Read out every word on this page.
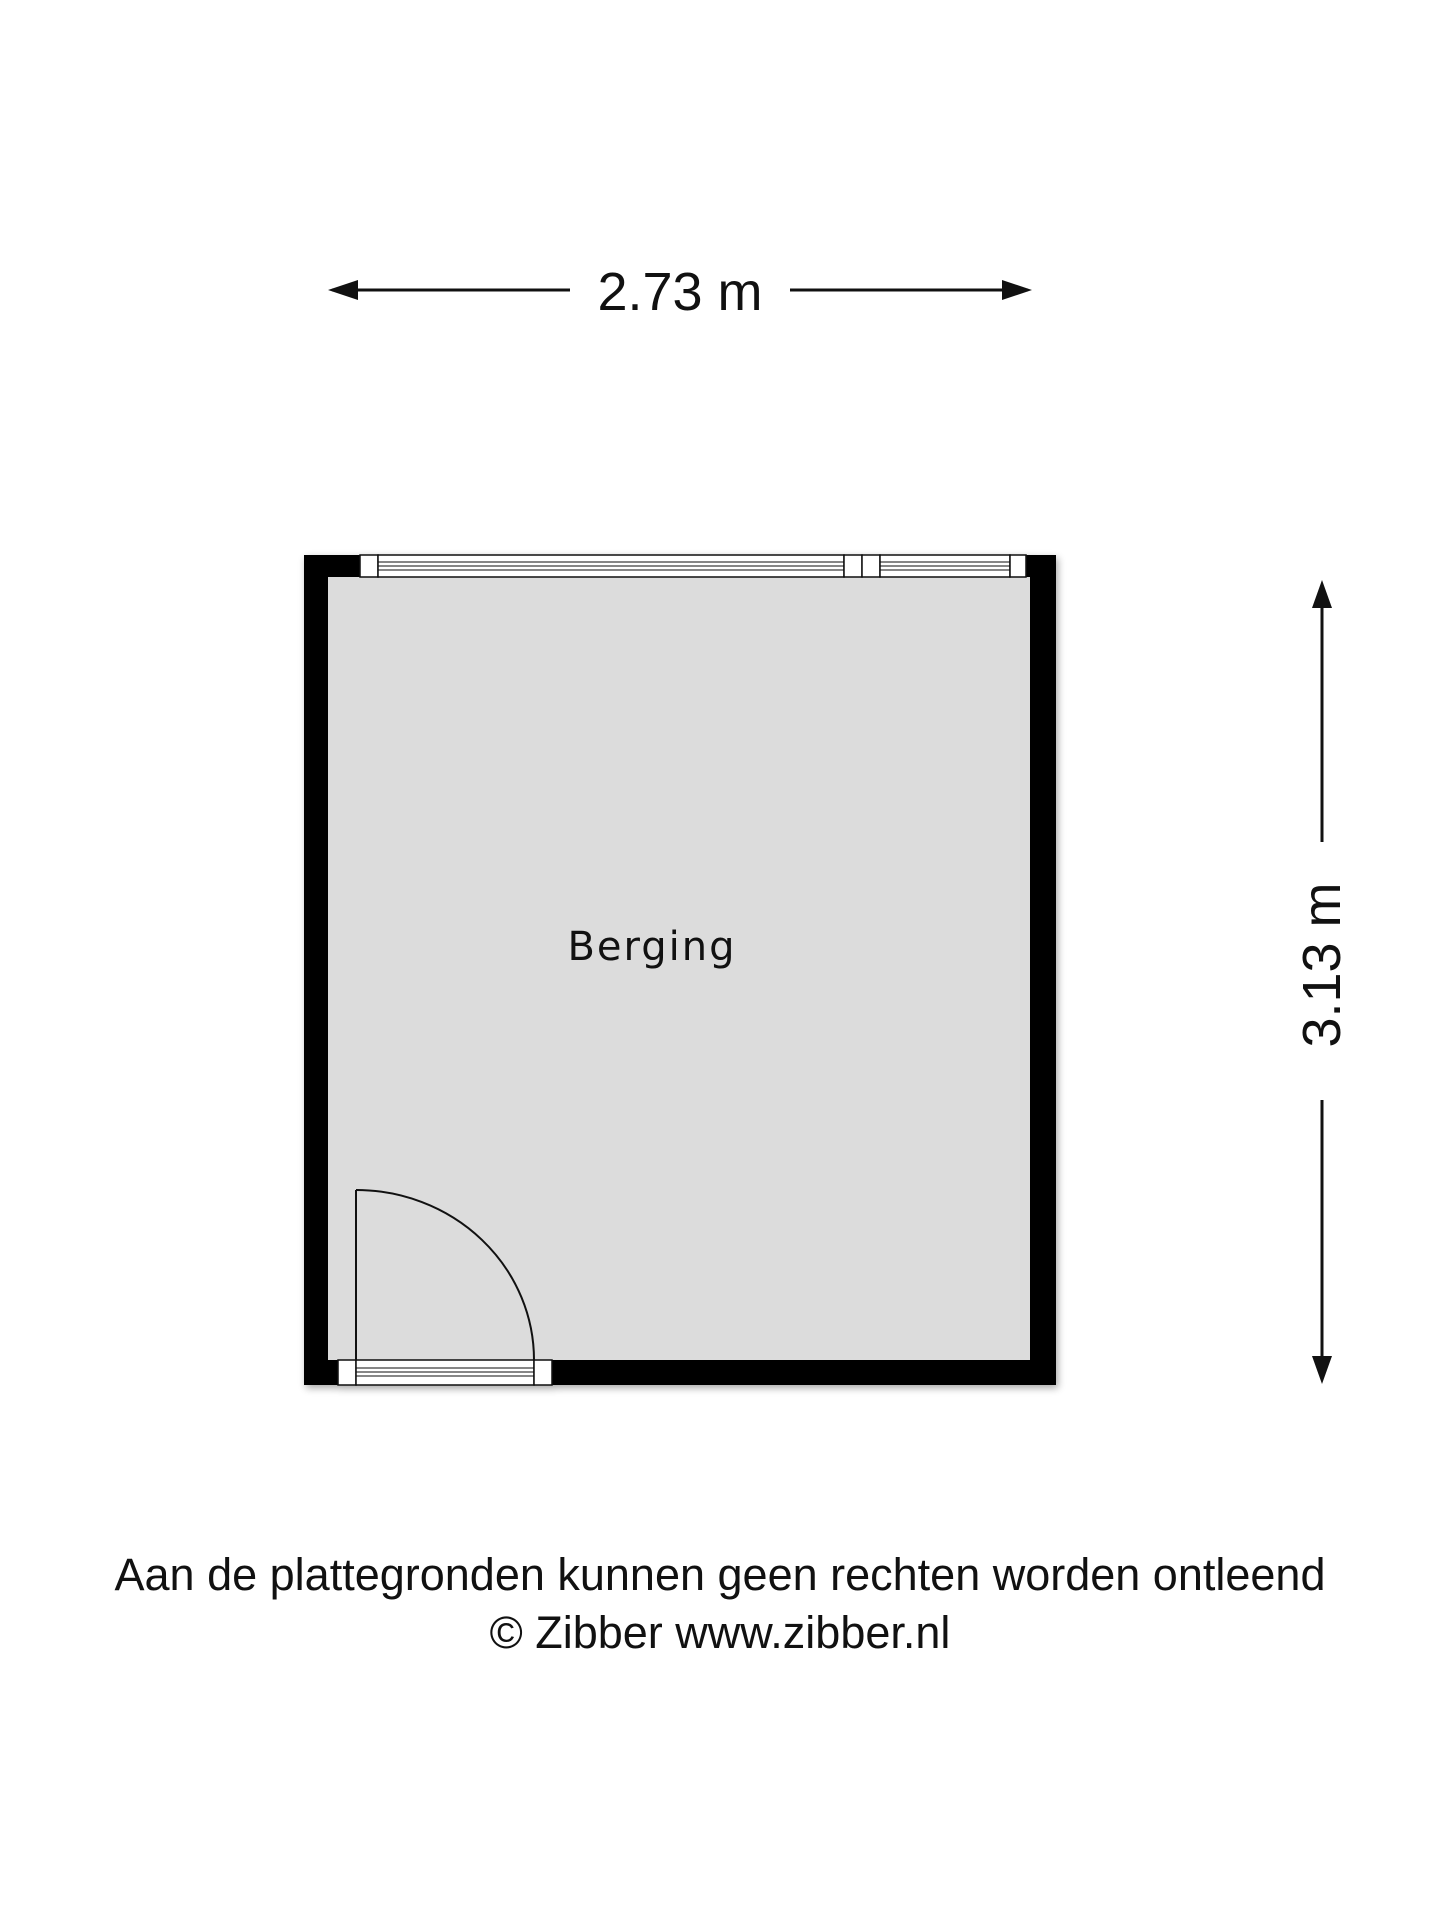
2.73 m
3.13 m
Berging
Aan de plattegronden kunnen geen rechten worden ontleend
© Zibber www.zibber.nl
